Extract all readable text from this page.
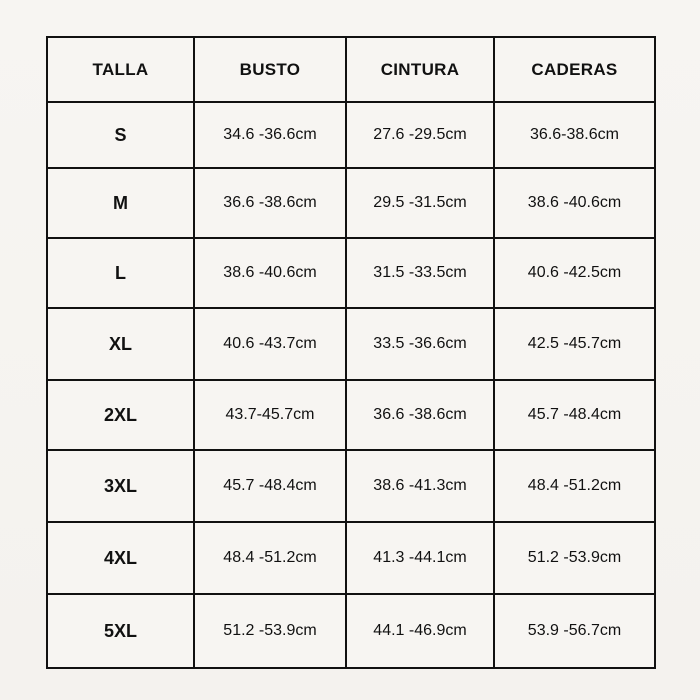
TALLA	BUSTO	CINTURA	CADERAS
S	34.6 -36.6cm	27.6 -29.5cm	36.6-38.6cm
M	36.6 -38.6cm	29.5 -31.5cm	38.6 -40.6cm
L	38.6 -40.6cm	31.5 -33.5cm	40.6 -42.5cm
XL	40.6 -43.7cm	33.5 -36.6cm	42.5 -45.7cm
2XL	43.7-45.7cm	36.6 -38.6cm	45.7 -48.4cm
3XL	45.7 -48.4cm	38.6 -41.3cm	48.4 -51.2cm
4XL	48.4 -51.2cm	41.3 -44.1cm	51.2 -53.9cm
5XL	51.2 -53.9cm	44.1 -46.9cm	53.9 -56.7cm
